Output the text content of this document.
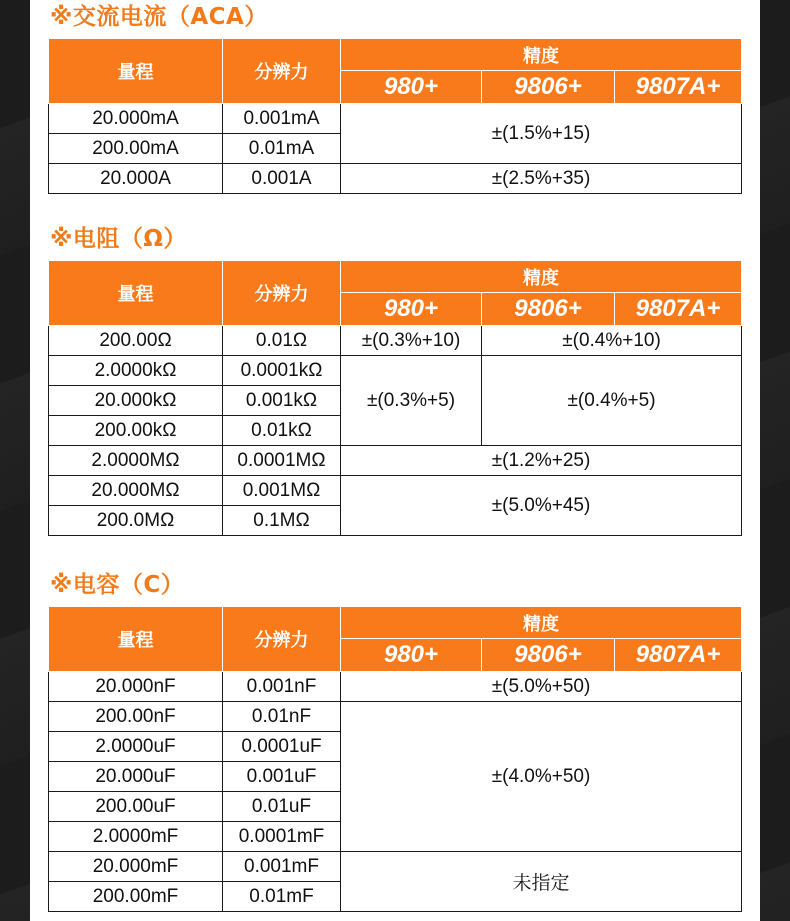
※交流电流（ACA）
量程	分辨力	精度		
		980+	9806+	9807A+
20.000mA	0.001mA	±(1.5%+15)		
200.00mA	0.01mA			
20.000A	0.001A	±(2.5%+35)		
※电阻（Ω）
量程	分辨力	精度		
		980+	9806+	9807A+
200.00Ω	0.01Ω	±(0.3%+10)	±(0.4%+10)	
2.0000kΩ	0.0001kΩ	±(0.3%+5)	±(0.4%+5)	
20.000kΩ	0.001kΩ			
200.00kΩ	0.01kΩ			
2.0000MΩ	0.0001MΩ	±(1.2%+25)		
20.000MΩ	0.001MΩ	±(5.0%+45)		
200.0MΩ	0.1MΩ			
※电容（C）
量程	分辨力	精度		
		980+	9806+	9807A+
20.000nF	0.001nF	±(5.0%+50)		
200.00nF	0.01nF	±(4.0%+50)		
2.0000uF	0.0001uF			
20.000uF	0.001uF			
200.00uF	0.01uF			
2.0000mF	0.0001mF			
20.000mF	0.001mF	未指定		
200.00mF	0.01mF			
